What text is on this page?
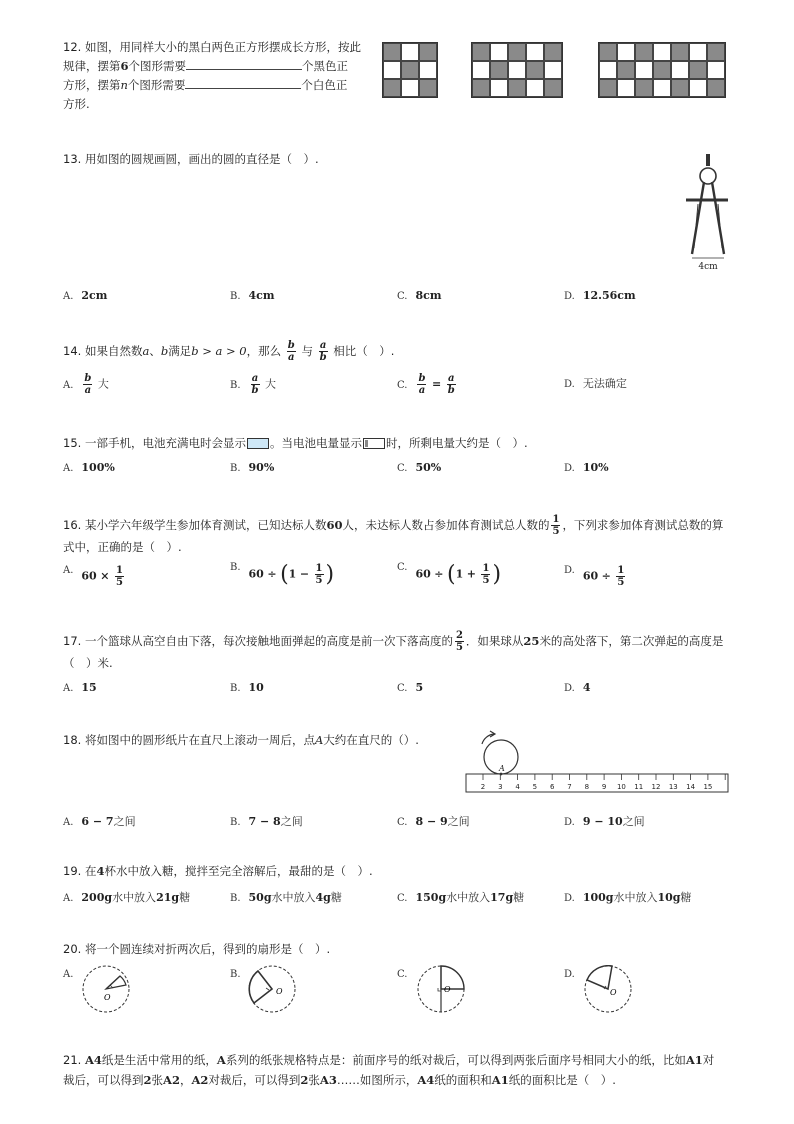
12. 如图，用同样大小的黑白两色正方形摆成长方形，按此
规律，摆第6个图形需要	个黑色正
方形，摆第n个图形需要	个白色正
方形.
13. 用如图的圆规画圆，画出的圆的直径是（　）.
4cm
A. 2cm	B. 4cm	C. 8cm	D. 12.56cm
14. 如果自然数a、b满足b > a > 0，那么 $\frac{b}{a}$ 与 $\frac{a}{b}$ 相比（　）.
A. $\frac{b}{a}$ 大	B. $\frac{a}{b}$ 大	C. $\frac{b}{a} = \frac{a}{b}$	D. 无法确定
15. 一部手机，电池充满电时会显示 。当电池电量显示 时，所剩电量大约是（　）.
A. 100%	B. 90%	C. 50%	D. 10%
16. 某小学六年级学生参加体育测试，已知达标人数60人，未达标人数占参加体育测试总人数的 $\frac{1}{5}$ ，下列求参加体育测试总数的算
式中，正确的是（　）.
A. $60 \times \frac{1}{5}$	B. $60 \div (1 - \frac{1}{5}$ )	C. $60 \div (1 + \frac{1}{5}$ )	D. $60 \div \frac{1}{5}$
17. 一个篮球从高空自由下落，每次接触地面弹起的高度是前一次下落高度的 $\frac{2}{5}$ ．如果球从25米的高处落下，第二次弹起的高度是
（　）米.
A. 15	B. 10	C. 5	D. 4
18. 将如图中的圆形纸片在直尺上滚动一周后，点A大约在直尺的（）.
A
2 3 4 5 6 7 8 9 10 11 12 13 14 15
A. 6 − 7之间	B. 7 − 8之间	C. 8 − 9之间	D. 9 − 10之间
19. 在4杯水中放入糖，搅拌至完全溶解后，最甜的是（　）.
A. 200g水中放入21g糖	B. 50g水中放入4g糖	C. 150g水中放入17g糖	D. 100g水中放入10g糖
20. 将一个圆连续对折两次后，得到的扇形是（　）.
A.
O
B.
O
C.
O
D.
O
21. A4纸是生活中常用的纸，A系列的纸张规格特点是：前面序号的纸对裁后，可以得到两张后面序号相同大小的纸，比如A1对
裁后，可以得到2张A2，A2对裁后，可以得到2张A3……如图所示，A4纸的面积和A1纸的面积比是（　）.
